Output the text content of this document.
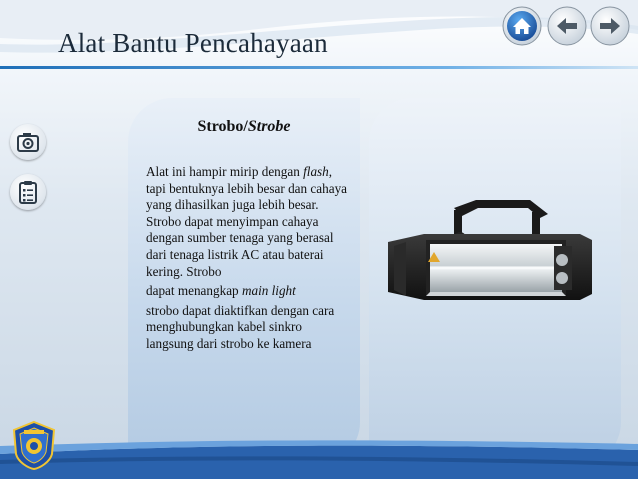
Alat Bantu Pencahayaan
Strobo/Strobe

Alat ini hampir mirip dengan flash, tapi bentuknya lebih besar dan cahaya yang dihasilkan juga lebih besar. Strobo dapat menyimpan cahaya dengan sumber tenaga yang berasal dari tenaga listrik AC atau baterai kering. Strobo

dapat menangkap main light

strobo dapat diaktifkan dengan cara menghubungkan kabel sinkro langsung dari strobo ke kamera
